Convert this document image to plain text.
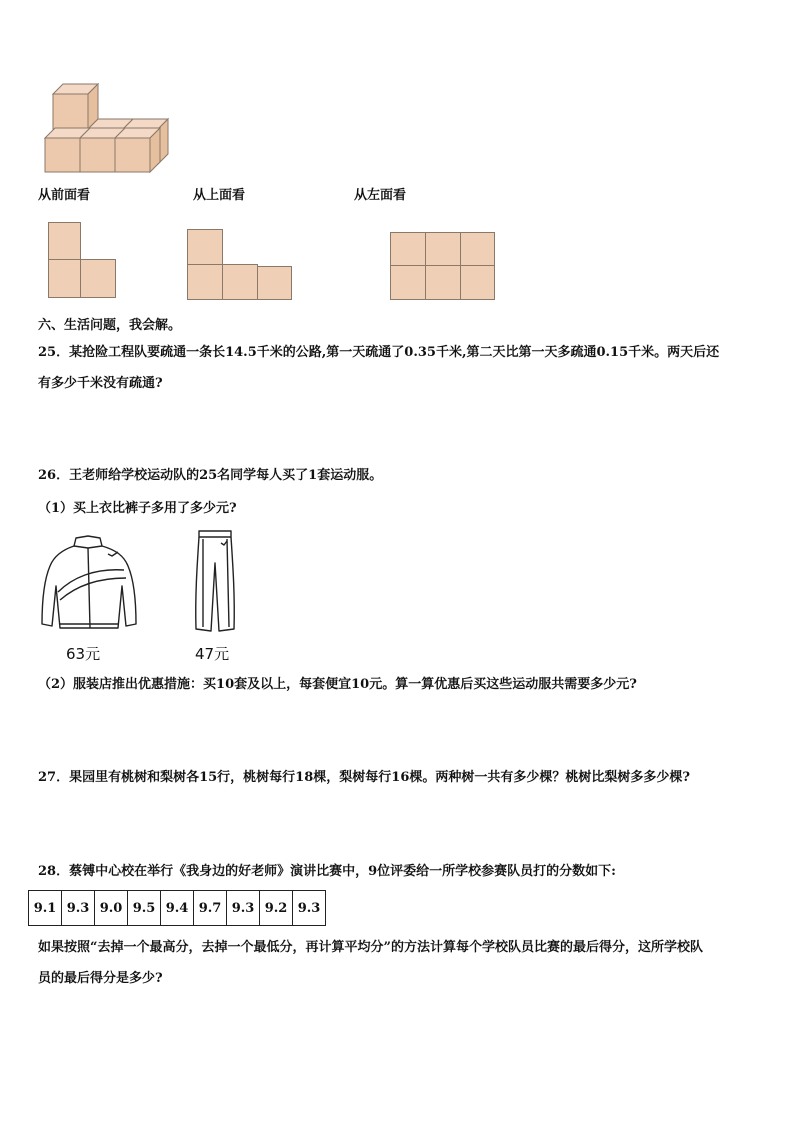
从前面看	从上面看	从左面看
六、生活问题，我会解。
25．某抢险工程队要疏通一条长14.5千米的公路,第一天疏通了0.35千米,第二天比第一天多疏通0.15千米。两天后还
有多少千米没有疏通?
26．王老师给学校运动队的25名同学每人买了1套运动服。
（1）买上衣比裤子多用了多少元?
63元	47元
（2）服装店推出优惠措施：买10套及以上，每套便宜10元。算一算优惠后买这些运动服共需要多少元?
27．果园里有桃树和梨树各15行，桃树每行18棵，梨树每行16棵。两种树一共有多少棵？桃树比梨树多多少棵?
28．蔡镈中心校在举行《我身边的好老师》演讲比赛中，9位评委给一所学校参赛队员打的分数如下:
9.1	9.3	9.0	9.5	9.4	9.7	9.3	9.2	9.3
如果按照“去掉一个最高分，去掉一个最低分，再计算平均分”的方法计算每个学校队员比赛的最后得分，这所学校队
员的最后得分是多少?
